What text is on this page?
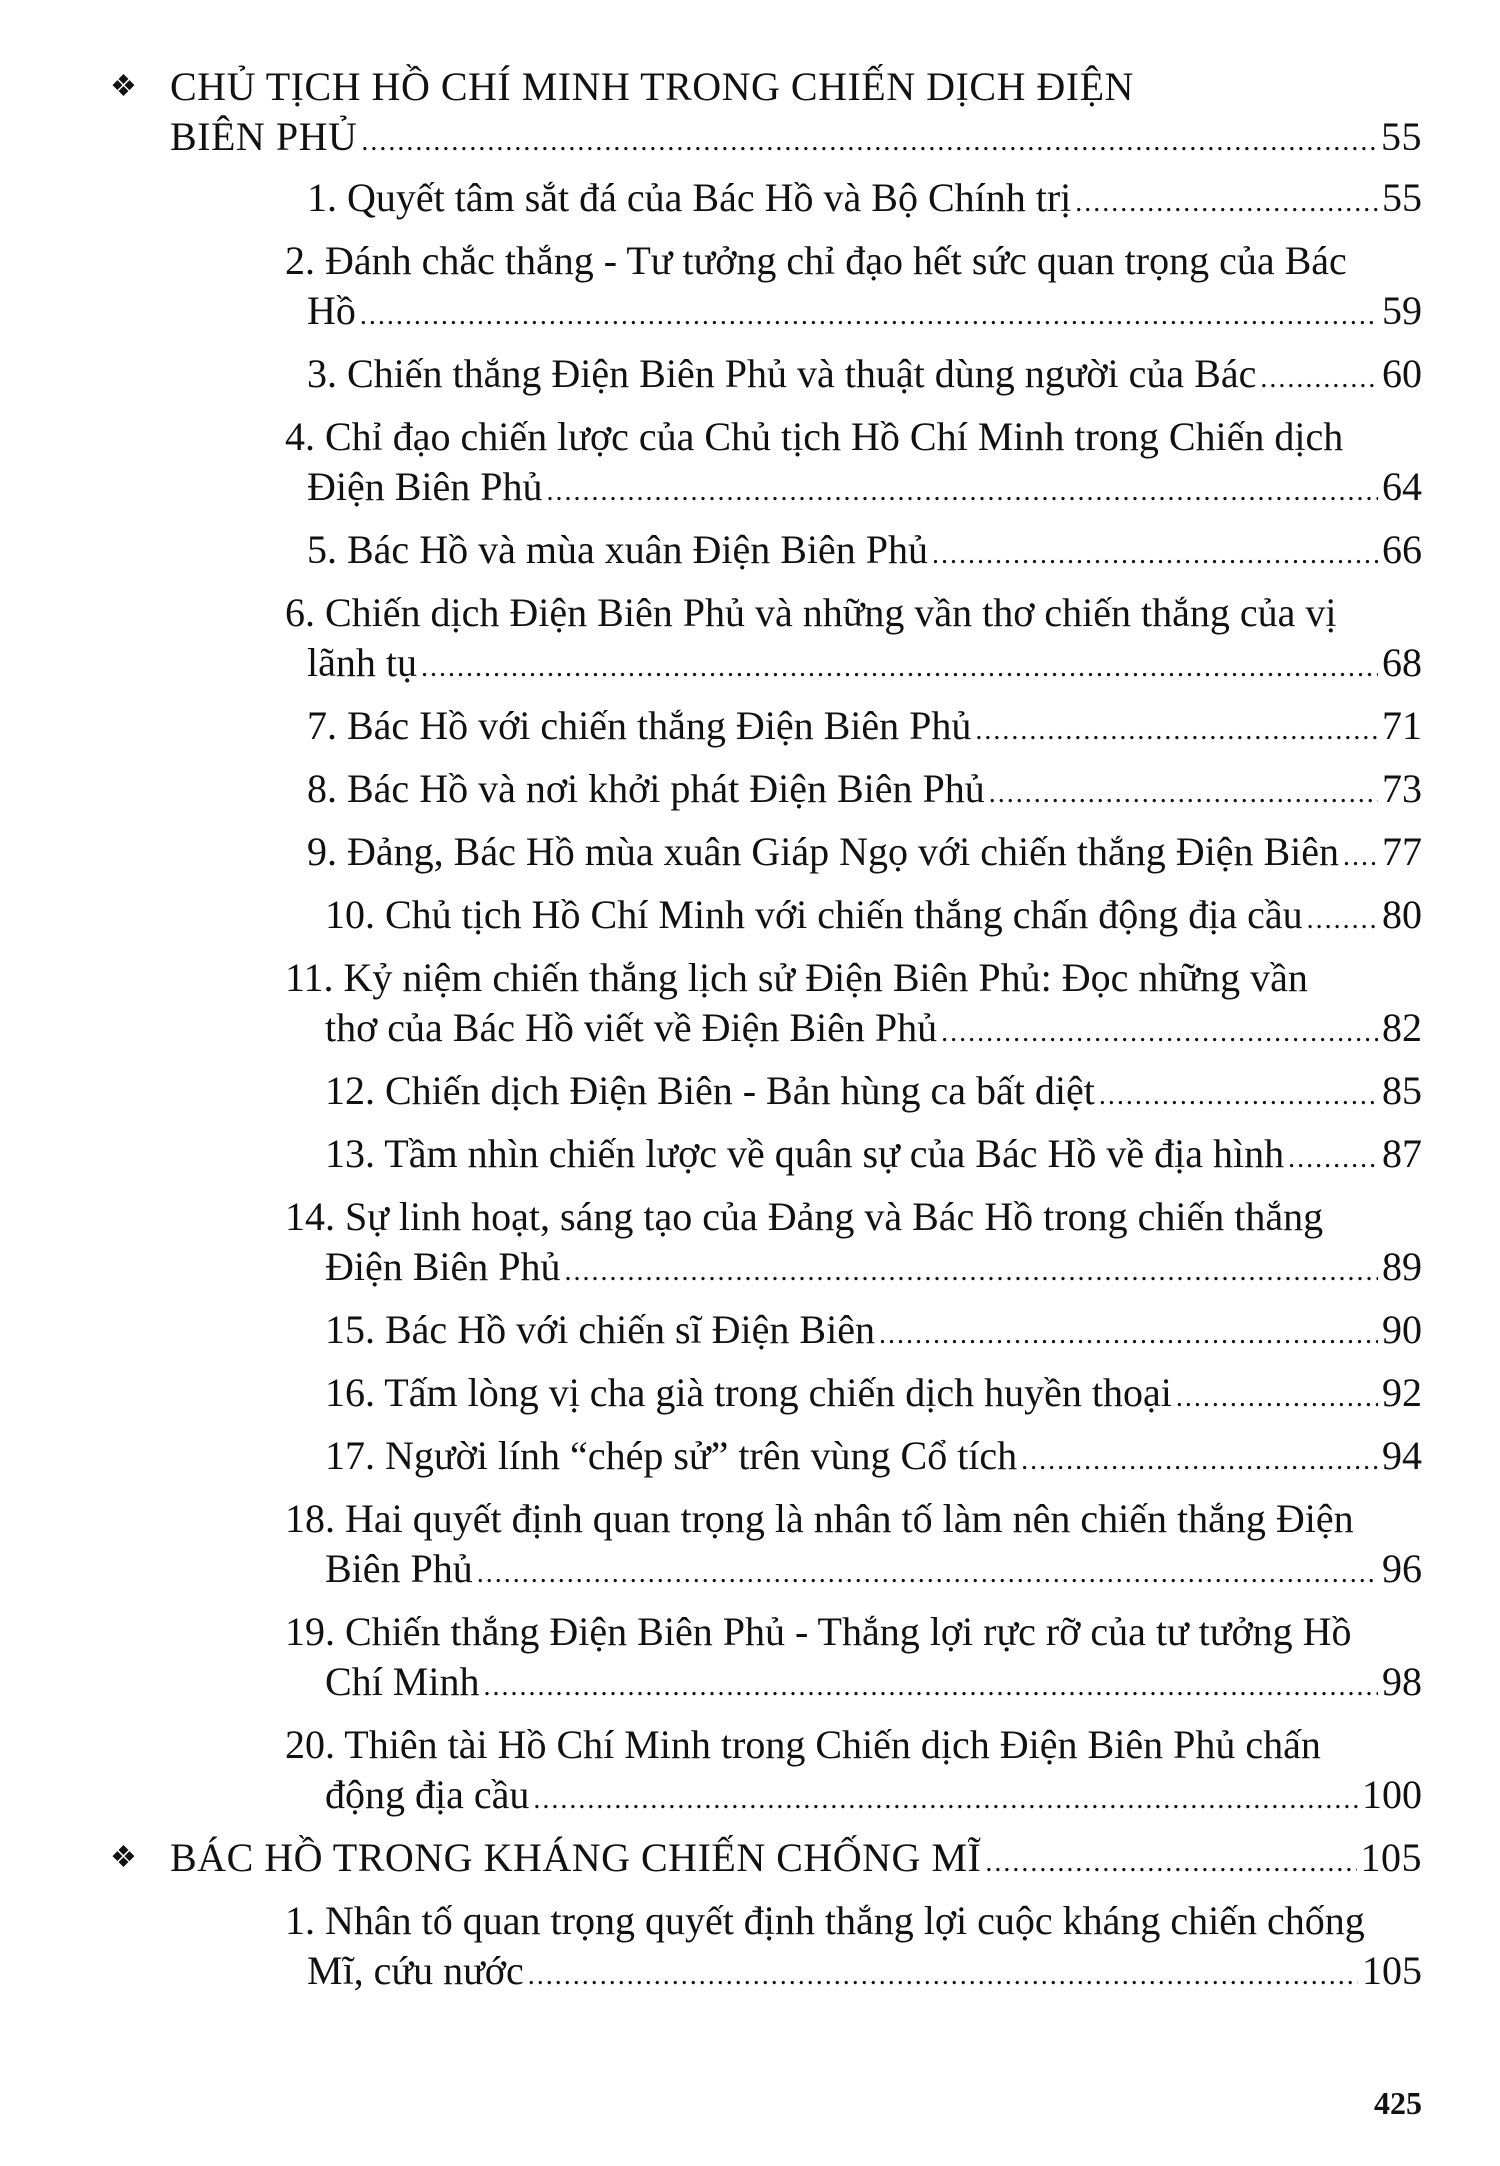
❖ CHỦ TỊCH HỒ CHÍ MINH TRONG CHIẾN DỊCH ĐIỆN
BIÊN PHỦ .....	55
1. Quyết tâm sắt đá của Bác Hồ và Bộ Chính trị .....	55
2. Đánh chắc thắng - Tư tưởng chỉ đạo hết sức quan trọng của Bác
Hồ .....	59
3. Chiến thắng Điện Biên Phủ và thuật dùng người của Bác .....	60
4. Chỉ đạo chiến lược của Chủ tịch Hồ Chí Minh trong Chiến dịch
Điện Biên Phủ .....	64
5. Bác Hồ và mùa xuân Điện Biên Phủ .....	66
6. Chiến dịch Điện Biên Phủ và những vần thơ chiến thắng của vị
lãnh tụ .....	68
7. Bác Hồ với chiến thắng Điện Biên Phủ .....	71
8. Bác Hồ và nơi khởi phát Điện Biên Phủ .....	73
9. Đảng, Bác Hồ mùa xuân Giáp Ngọ với chiến thắng Điện Biên ..... 77
10. Chủ tịch Hồ Chí Minh với chiến thắng chấn động địa cầu ..... 80
11. Kỷ niệm chiến thắng lịch sử Điện Biên Phủ: Đọc những vần
thơ của Bác Hồ viết về Điện Biên Phủ .....	82
12. Chiến dịch Điện Biên - Bản hùng ca bất diệt .....	85
13. Tầm nhìn chiến lược về quân sự của Bác Hồ về địa hình ..... 87
14. Sự linh hoạt, sáng tạo của Đảng và Bác Hồ trong chiến thắng
Điện Biên Phủ .....	89
15. Bác Hồ với chiến sĩ Điện Biên .....	90
16. Tấm lòng vị cha già trong chiến dịch huyền thoại .....	92
17. Người lính “chép sử” trên vùng Cổ tích .....	94
18. Hai quyết định quan trọng là nhân tố làm nên chiến thắng Điện
Biên Phủ .....	96
19. Chiến thắng Điện Biên Phủ - Thắng lợi rực rỡ của tư tưởng Hồ
Chí Minh .....	98
20. Thiên tài Hồ Chí Minh trong Chiến dịch Điện Biên Phủ chấn
động địa cầu .....	100
❖ BÁC HỒ TRONG KHÁNG CHIẾN CHỐNG MĨ .....	105
1. Nhân tố quan trọng quyết định thắng lợi cuộc kháng chiến chống
Mĩ, cứu nước .....	105
425
